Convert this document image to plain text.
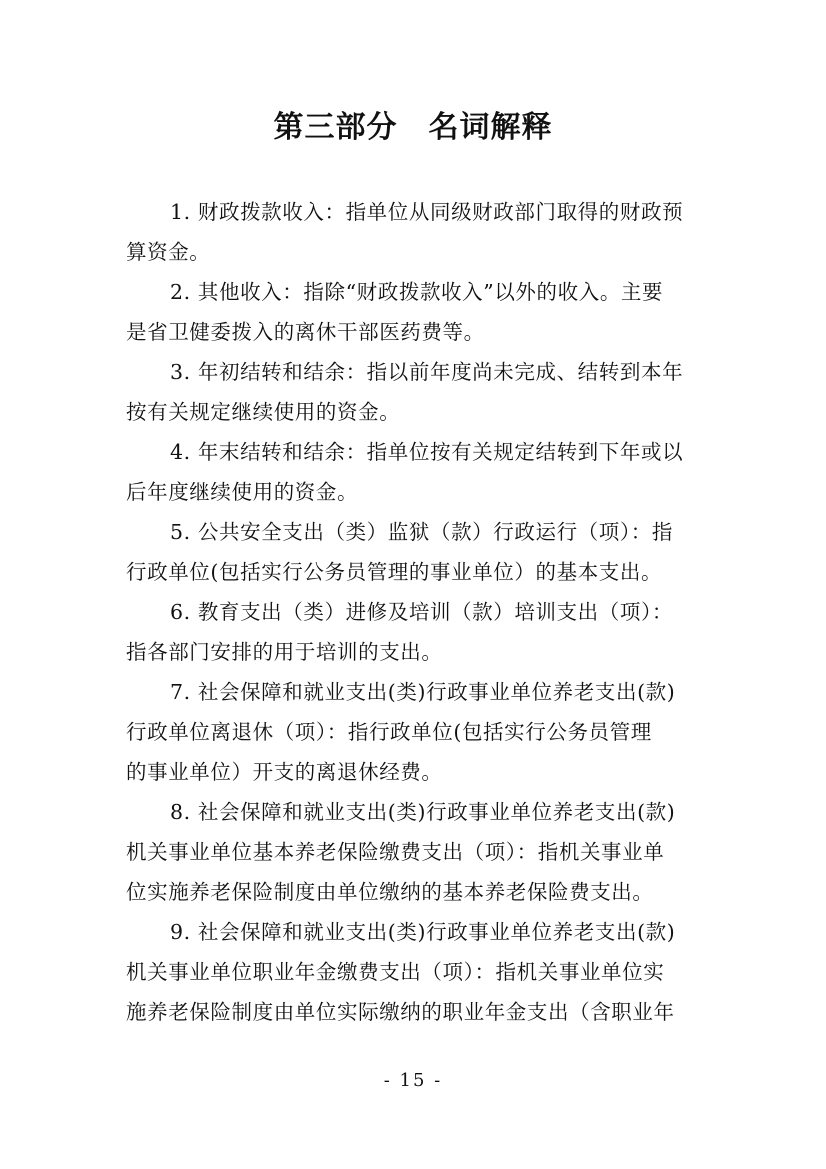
第三部分　名词解释
1. 财政拨款收入：指单位从同级财政部门取得的财政预
算资金。
2. 其他收入：指除“财政拨款收入”以外的收入。主要
是省卫健委拨入的离休干部医药费等。
3. 年初结转和结余：指以前年度尚未完成、结转到本年
按有关规定继续使用的资金。
4. 年末结转和结余：指单位按有关规定结转到下年或以
后年度继续使用的资金。
5. 公共安全支出（类）监狱（款）行政运行（项）：指
行政单位(包括实行公务员管理的事业单位）的基本支出。
6. 教育支出（类）进修及培训（款）培训支出（项）：
指各部门安排的用于培训的支出。
7. 社会保障和就业支出(类)行政事业单位养老支出(款)
行政单位离退休（项）：指行政单位(包括实行公务员管理
的事业单位）开支的离退休经费。
8. 社会保障和就业支出(类)行政事业单位养老支出(款)
机关事业单位基本养老保险缴费支出（项）：指机关事业单
位实施养老保险制度由单位缴纳的基本养老保险费支出。
9. 社会保障和就业支出(类)行政事业单位养老支出(款)
机关事业单位职业年金缴费支出（项）：指机关事业单位实
施养老保险制度由单位实际缴纳的职业年金支出（含职业年
- 15 -
